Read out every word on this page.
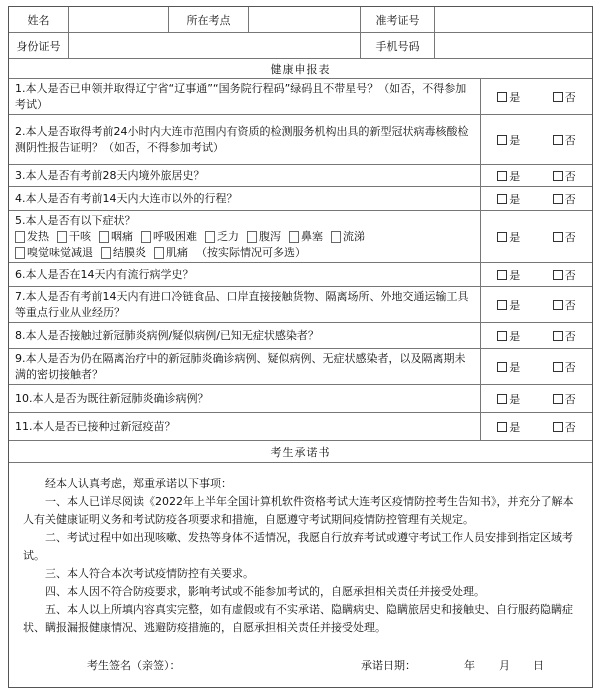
姓名	所在考点	准考证号
身份证号	手机号码
健康申报表
1.本人是否已申领并取得辽宁省“辽事通”“国务院行程码”绿码且不带星号？（如否，不得参加考试）
是	否
2.本人是否取得考前24小时内大连市范围内有资质的检测服务机构出具的新型冠状病毒核酸检测阴性报告证明？（如否，不得参加考试）
是	否
3.本人是否有考前28天内境外旅居史？	是	否
4.本人是否有考前14天内大连市以外的行程？	是	否
5.本人是否有以下症状？
发热 干咳 咽痛 呼吸困难 乏力 腹泻 鼻塞 流涕
嗅觉味觉减退 结膜炎 肌痛 （按实际情况可多选）
是	否
6.本人是否在14天内有流行病学史？	是	否
7.本人是否有考前14天内有进口冷链食品、口岸直接接触货物、隔离场所、外地交通运输工具等重点行业从业经历？
是	否
8.本人是否接触过新冠肺炎病例/疑似病例/已知无症状感染者？	是	否
9.本人是否为仍在隔离治疗中的新冠肺炎确诊病例、疑似病例、无症状感染者，以及隔离期未满的密切接触者？
是	否
10.本人是否为既往新冠肺炎确诊病例？	是	否
11.本人是否已接种过新冠疫苗？	是	否
考生承诺书

经本人认真考虑，郑重承诺以下事项：

一、本人已详尽阅读《2022年上半年全国计算机软件资格考试大连考区疫情防控考生告知书》，并充分了解本人有关健康证明义务和考试防疫各项要求和措施，自愿遵守考试期间疫情防控管理有关规定。

二、考试过程中如出现咳嗽、发热等身体不适情况，我愿自行放弃考试或遵守考试工作人员安排到指定区域考试。

三、本人符合本次考试疫情防控有关要求。

四、本人因不符合防疫要求，影响考试或不能参加考试的，自愿承担相关责任并接受处理。

五、本人以上所填内容真实完整，如有虚假或有不实承诺、隐瞒病史、隐瞒旅居史和接触史、自行服药隐瞒症状、瞒报漏报健康情况、逃避防疫措施的，自愿承担相关责任并接受处理。

考生签名（亲签）：	承诺日期：	年 月 日
